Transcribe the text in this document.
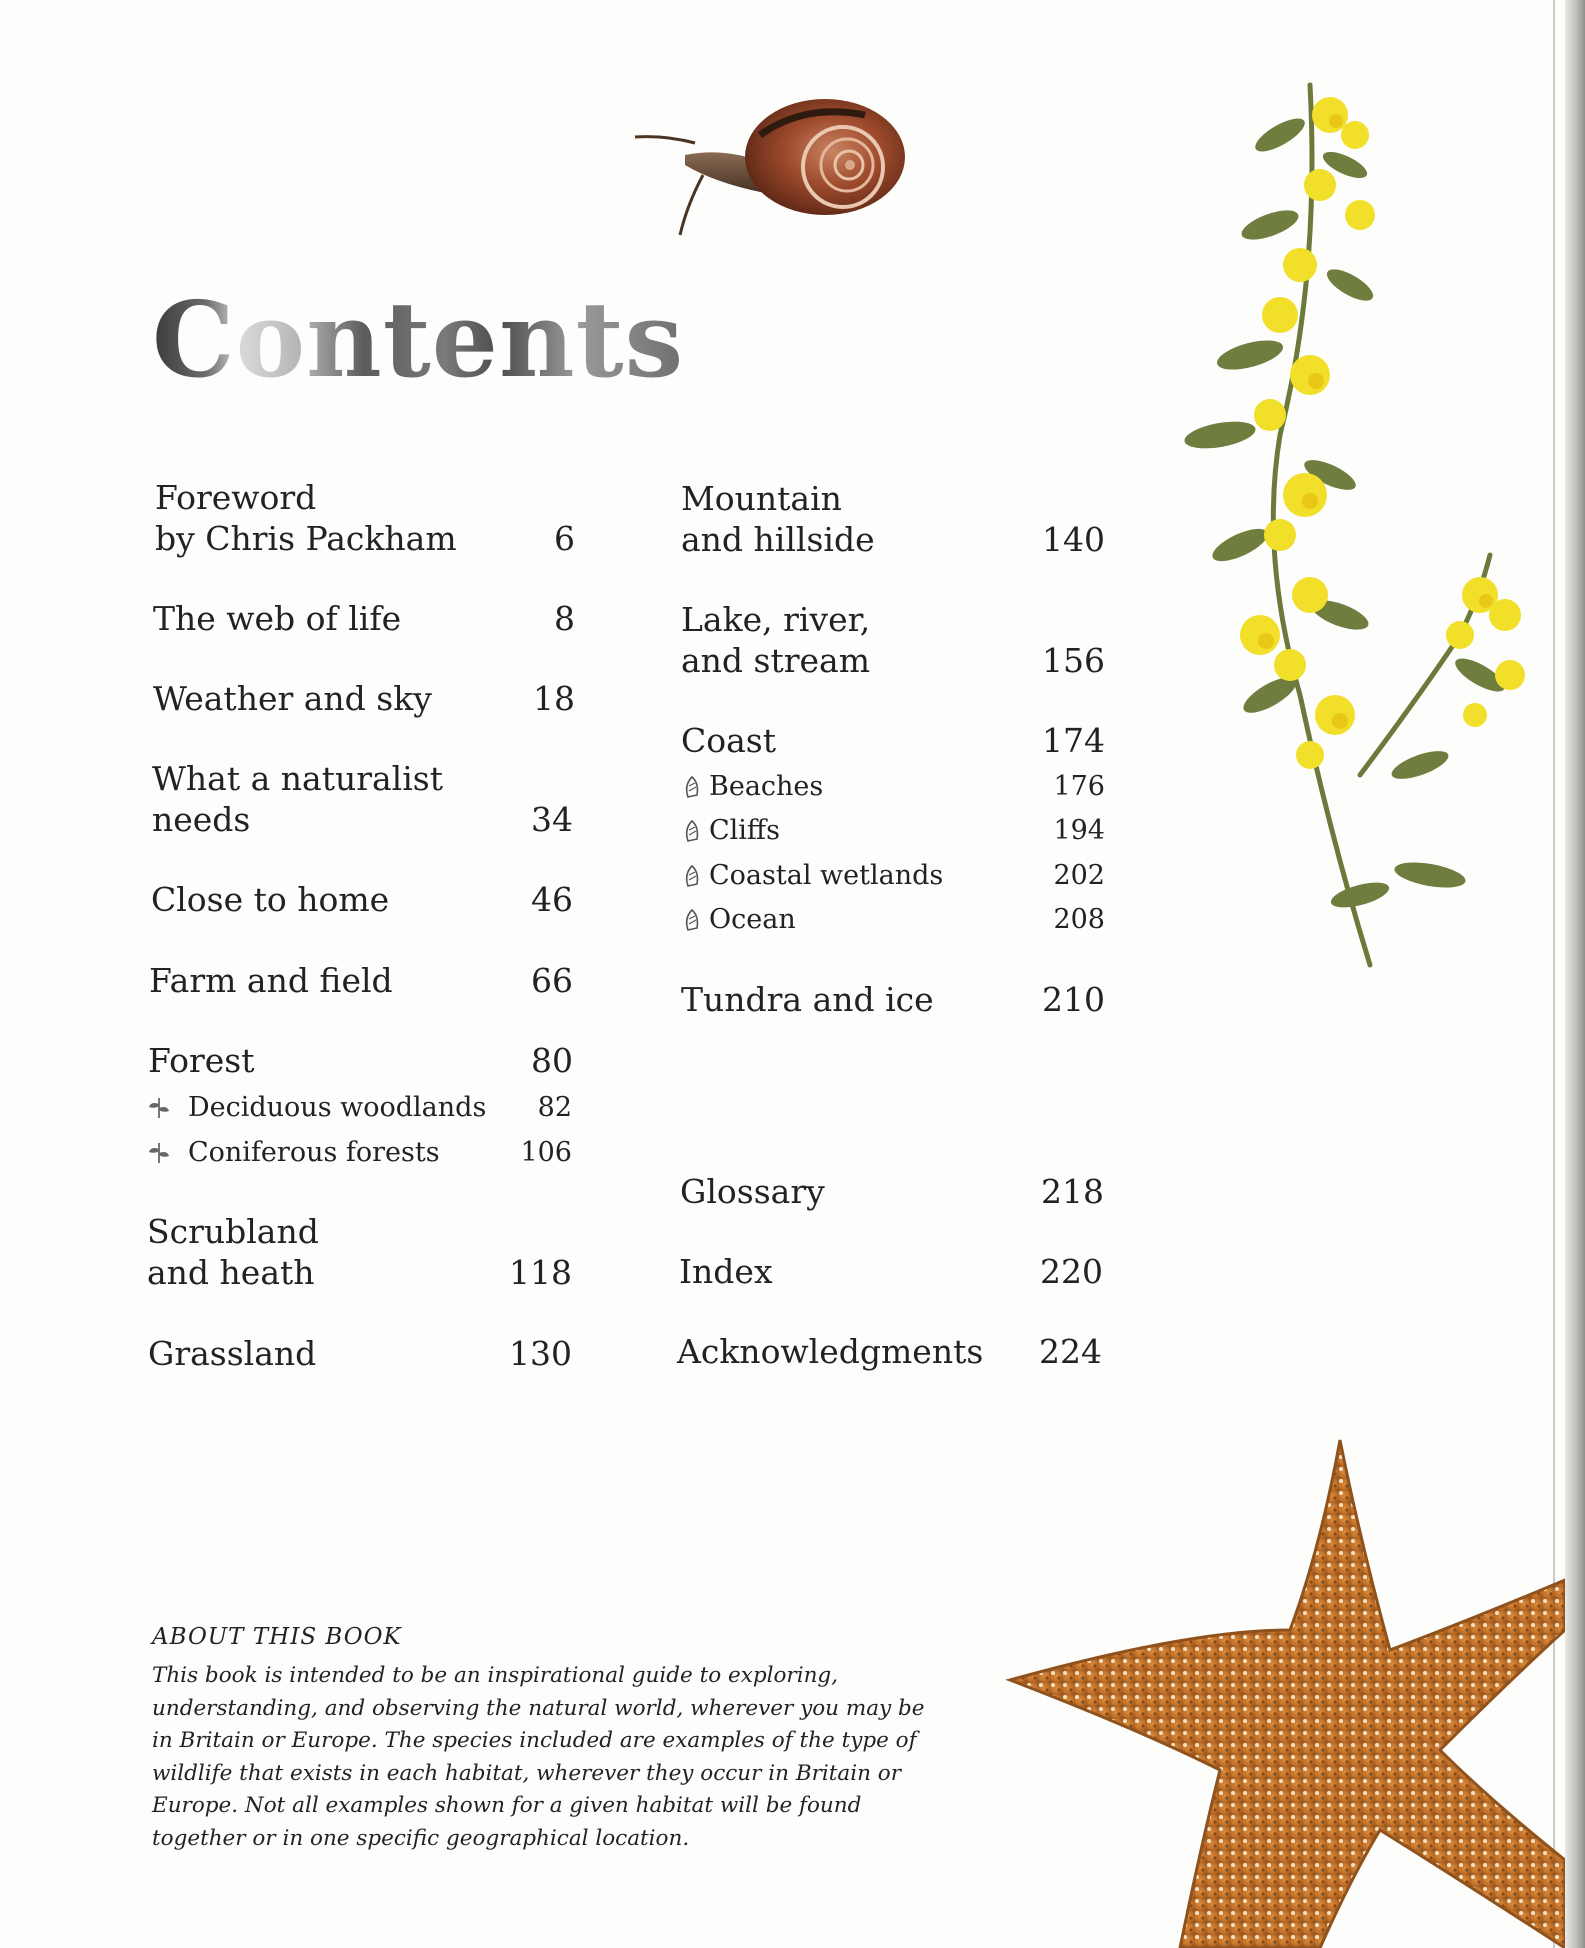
Contents
Foreword
by Chris Packham	6
The web of life	8
Weather and sky	18
What a naturalist
needs	34
Close to home	46
Farm and field	66
Forest	80
Deciduous woodlands 82
Coniferous forests	106
Scrubland
and heath	118
Grassland	130
Mountain
and hillside	140
Lake, river,
and stream	156
Coast	174
Beaches	176
Cliffs	194
Coastal wetlands	202
Ocean	208
Tundra and ice	210
Glossary	218
Index	220
Acknowledgments 224
ABOUT THIS BOOK
This book is intended to be an inspirational guide to exploring, understanding, and observing the natural world, wherever you may be in Britain or Europe. The species included are examples of the type of wildlife that exists in each habitat, wherever they occur in Britain or Europe. Not all examples shown for a given habitat will be found together or in one specific geographical location.
